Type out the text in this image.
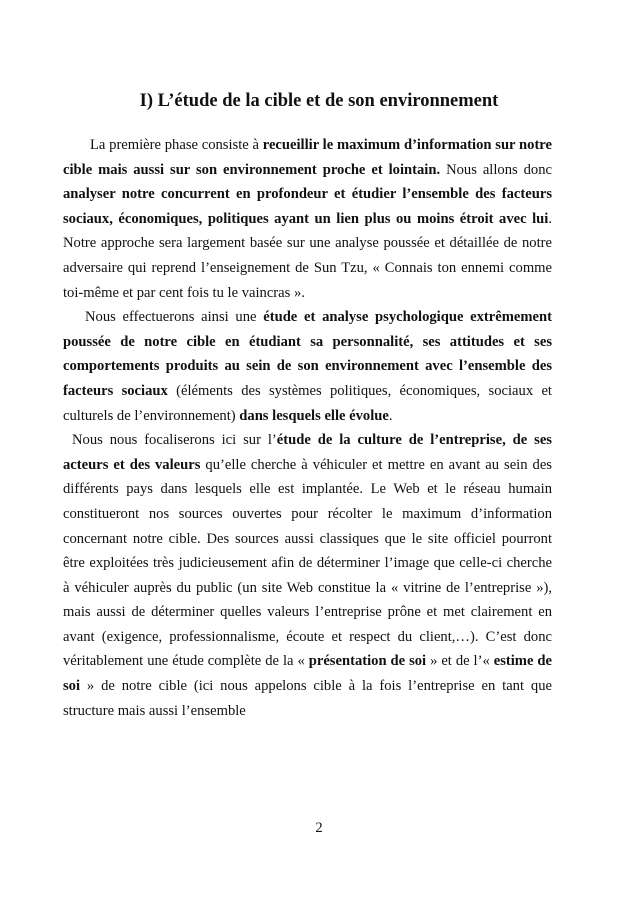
I) L’étude de la cible et de son environnement

La première phase consiste à recueillir le maximum d’information sur notre cible mais aussi sur son environnement proche et lointain. Nous allons donc analyser notre concurrent en profondeur et étudier l’ensemble des facteurs sociaux, économiques, politiques ayant un lien plus ou moins étroit avec lui. Notre approche sera largement basée sur une analyse poussée et détaillée de notre adversaire qui reprend l’enseignement de Sun Tzu, « Connais ton ennemi comme toi-même et par cent fois tu le vaincras ».

Nous effectuerons ainsi une étude et analyse psychologique extrêmement poussée de notre cible en étudiant sa personnalité, ses attitudes et ses comportements produits au sein de son environnement avec l’ensemble des facteurs sociaux (éléments des systèmes politiques, économiques, sociaux et culturels de l’environnement) dans lesquels elle évolue.

Nous nous focaliserons ici sur l’étude de la culture de l’entreprise, de ses acteurs et des valeurs qu’elle cherche à véhiculer et mettre en avant au sein des différents pays dans lesquels elle est implantée. Le Web et le réseau humain constitueront nos sources ouvertes pour récolter le maximum d’information concernant notre cible. Des sources aussi classiques que le site officiel pourront être exploitées très judicieusement afin de déterminer l’image que celle-ci cherche à véhiculer auprès du public (un site Web constitue la « vitrine de l’entreprise »), mais aussi de déterminer quelles valeurs l’entreprise prône et met clairement en avant (exigence, professionnalisme, écoute et respect du client,…). C’est donc véritablement une étude complète de la « présentation de soi » et de l’« estime de soi » de notre cible (ici nous appelons cible à la fois l’entreprise en tant que structure mais aussi l’ensemble

2
